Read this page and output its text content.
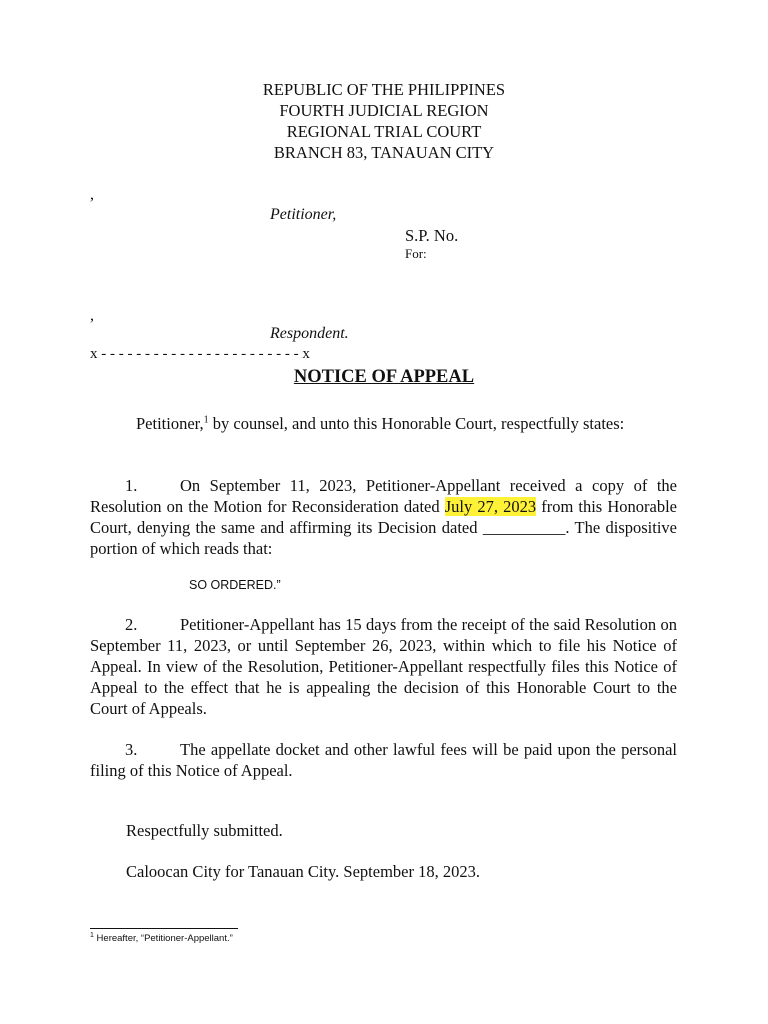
REPUBLIC OF THE PHILIPPINES

FOURTH JUDICIAL REGION

REGIONAL TRIAL COURT

BRANCH 83, TANAUAN CITY

,
Petitioner,
S.P. No.
For:
,
Respondent.
x - - - - - - - - - - - - - - - - - - - - - - - x
NOTICE OF APPEAL

Petitioner,$^1$ by counsel, and unto this Honorable Court, respectfully states:

1.	On September 11, 2023, Petitioner-Appellant received a copy of the Resolution on the Motion for Reconsideration dated July 27, 2023 from this Honorable Court, denying the same and affirming its Decision dated __________. The dispositive portion of which reads that:

SO ORDERED.”

2.	Petitioner-Appellant has 15 days from the receipt of the said Resolution on September 11, 2023, or until September 26, 2023, within which to file his Notice of Appeal. In view of the Resolution, Petitioner-Appellant respectfully files this Notice of Appeal to the effect that he is appealing the decision of this Honorable Court to the Court of Appeals.

3.	The appellate docket and other lawful fees will be paid upon the personal filing of this Notice of Appeal.

Respectfully submitted.
Caloocan City for Tanauan City. September 18, 2023.

$^1$ Hereafter, “Petitioner-Appellant.”
